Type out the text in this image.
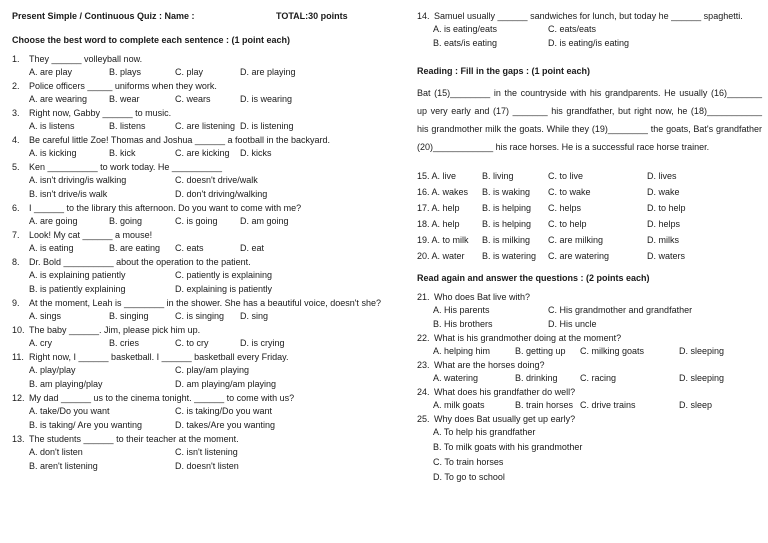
Present Simple / Continuous Quiz : Name :	TOTAL:30 points
Choose the best word to complete each sentence : (1 point each)
1.	They ______ volleyball now.
A. are play	B. plays	C. play	D. are playing
2.	Police officers _____ uniforms when they work.
A. are wearing B. wear	C. wears	D. is wearing
3.	Right now, Gabby ______ to music.
A. is listens	B. listens	C. are listening D. is listening
4.	Be careful little Zoe! Thomas and Joshua ______ a football in the backyard.
A. is kicking	B. kick	C. are kicking D. kicks
5.	Ken __________ to work today. He __________
A. isn't driving/is walking	C. doesn't drive/walk
B. isn't drive/is walk	D. don't driving/walking
6.	I ______ to the library this afternoon. Do you want to come with me?
A. are going	B. going	C. is going D. am going
7.	Look! My cat ______ a mouse!
A. is eating	B. are eating C. eats	D. eat
8.	Dr. Bold __________ about the operation to the patient.
A. is explaining patiently	C. patiently is explaining
B. is patiently explaining	D. explaining is patiently
9.	At the moment, Leah is ________ in the shower. She has a beautiful voice, doesn't she?
A. sings	B. singing	C. is singing D. sing
10. The baby ______. Jim, please pick him up.
A. cry	B. cries	C. to cry	D. is crying
11. Right now, I ______ basketball. I ______ basketball every Friday.
A. play/play	C. play/am playing
B. am playing/play	D. am playing/am playing
12. My dad ______ us to the cinema tonight. ______ to come with us?
A. take/Do you want	C. is taking/Do you want
B. is taking/ Are you wanting	D. takes/Are you wanting
13. The students ______ to their teacher at the moment.
A. don't listen	C. isn't listening
B. aren't listening	D. doesn't listen
14. Samuel usually ______ sandwiches for lunch, but today he ______ spaghetti.
A. is eating/eats	C. eats/eats
B. eats/is eating	D. is eating/is eating
Reading : Fill in the gaps : (1 point each)
Bat (15)________ in the countryside with his grandparents. He usually (16)_______ up very early and (17) _______ his grandfather, but right now, he (18)___________ his grandmother milk the goats. While they (19)________ the goats, Bat's grandfather (20)____________ his race horses. He is a successful race horse trainer.
15. A. live	B. living	C. to live	D. lives
16. A. wakes B. is waking C. to wake	D. wake
17. A. help B. is helping C. helps	D. to help
18. A. help B. is helping C. to help	D. helps
19. A. to milk B. is milking C. are milking	D. milks
20. A. water B. is watering C. are watering	D. waters
Read again and answer the questions : (2 points each)
21. Who does Bat live with?
A. His parents	C. His grandmother and grandfather
B. His brothers	D. His uncle
22. What is his grandmother doing at the moment?
A. helping him	B. getting up C. milking goats	D. sleeping
23. What are the horses doing?
A. watering	B. drinking C. racing	D. sleeping
24. What does his grandfather do well?
A. milk goats	B. train horses C. drive trains	D. sleep
25. Why does Bat usually get up early?
A. To help his grandfather
B. To milk goats with his grandmother
C. To train horses
D. To go to school
